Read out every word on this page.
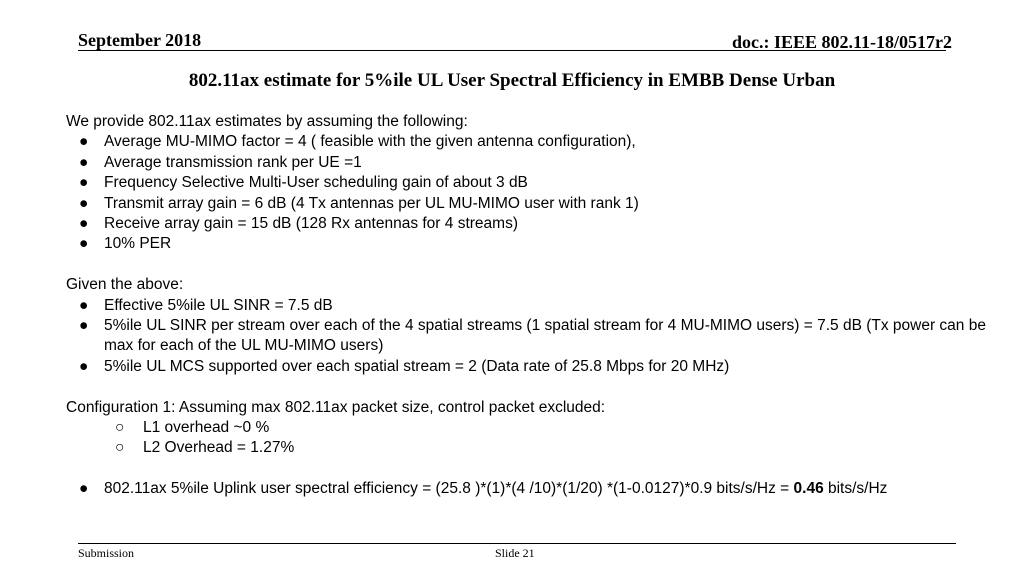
September 2018	doc.: IEEE 802.11-18/0517r2
802.11ax estimate for 5%ile UL User Spectral Efficiency in EMBB Dense Urban
We provide 802.11ax estimates by assuming the following:
● Average MU-MIMO factor = 4 ( feasible with the given antenna configuration),
● Average transmission rank per UE =1
● Frequency Selective Multi-User scheduling gain of about 3 dB
● Transmit array gain = 6 dB (4 Tx antennas per UL MU-MIMO user with rank 1)
● Receive array gain = 15 dB (128 Rx antennas for 4 streams)
● 10% PER
Given the above:
● Effective 5%ile UL SINR = 7.5 dB
● 5%ile UL SINR per stream over each of the 4 spatial streams (1 spatial stream for 4 MU-MIMO users) = 7.5 dB (Tx power can be max for each of the UL MU-MIMO users)
● 5%ile UL MCS supported over each spatial stream = 2 (Data rate of 25.8 Mbps for 20 MHz)
Configuration 1: Assuming max 802.11ax packet size, control packet excluded:
○ L1 overhead ~0 %
○ L2 Overhead = 1.27%
● 802.11ax 5%ile Uplink user spectral efficiency = (25.8 )*(1)*(4 /10)*(1/20) *(1-0.0127)*0.9 bits/s/Hz = 0.46 bits/s/Hz
Submission	Slide 21
